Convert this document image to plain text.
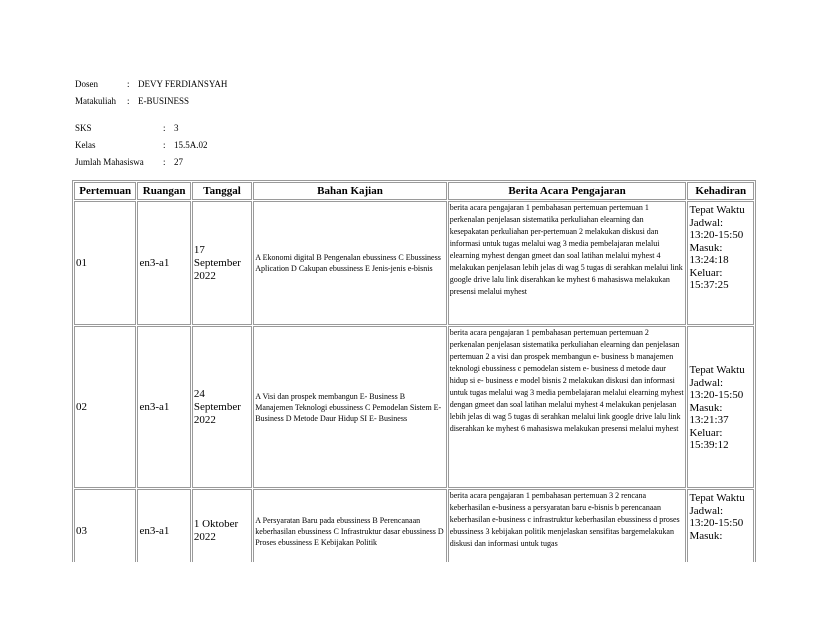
Dosen	: DEVY FERDIANSYAH
Matakuliah	: E-BUSINESS
SKS	: 3
Kelas	: 15.5A.02
Jumlah Mahasiswa	: 27
Pertemuan	Ruangan	Tanggal	Bahan Kajian	Berita Acara Pengajaran	Kehadiran
01	en3-a1	17 September 2022	A Ekonomi digital B Pengenalan ebussiness C Ebussiness Aplication D Cakupan ebussiness E Jenis-jenis e-bisnis	berita acara pengajaran 1 pembahasan pertemuan pertemuan 1 perkenalan penjelasan sistematika perkuliahan elearning dan kesepakatan perkuliahan per-pertemuan 2 melakukan diskusi dan informasi untuk tugas melalui wag 3 media pembelajaran melalui elearning myhest dengan gmeet dan soal latihan melalui myhest 4 melakukan penjelasan lebih jelas di wag 5 tugas di serahkan melalui link google drive lalu link diserahkan ke myhest 6 mahasiswa melakukan presensi melalui myhest	Tepat Waktu Jadwal: 13:20-15:50 Masuk: 13:24:18 Keluar: 15:37:25
02	en3-a1	24 September 2022	A Visi dan prospek membangun E- Business B Manajemen Teknologi ebussiness C Pemodelan Sistem E- Business D Metode Daur Hidup SI E- Business	berita acara pengajaran 1 pembahasan pertemuan pertemuan 2 perkenalan penjelasan sistematika perkuliahan elearning dan penjelasan pertemuan 2 a visi dan prospek membangun e- business b manajemen teknologi ebussiness c pemodelan sistem e- business d metode daur hidup si e- business e model bisnis 2 melakukan diskusi dan informasi untuk tugas melalui wag 3 media pembelajaran melalui elearning myhest dengan gmeet dan soal latihan melalui myhest 4 melakukan penjelasan lebih jelas di wag 5 tugas di serahkan melalui link google drive lalu link diserahkan ke myhest 6 mahasiswa melakukan presensi melalui myhest	Tepat Waktu Jadwal: 13:20-15:50 Masuk: 13:21:37 Keluar: 15:39:12
03	en3-a1	1 Oktober 2022	A Persyaratan Baru pada ebussiness B Perencanaan keberhasilan ebussiness C Infrastruktur dasar ebussiness D Proses ebussiness E Kebijakan Politik	berita acara pengajaran 1 pembahasan pertemuan 3 2 rencana keberhasilan e-business a persyaratan baru e-bisnis b perencanaan keberhasilan e-business c infrastruktur keberhasilan ebussiness d proses ebussiness 3 kebijakan politik menjelaskan sensifitas bargemelakukan diskusi dan informasi untuk tugas	Tepat Waktu Jadwal: 13:20-15:50 Masuk:
